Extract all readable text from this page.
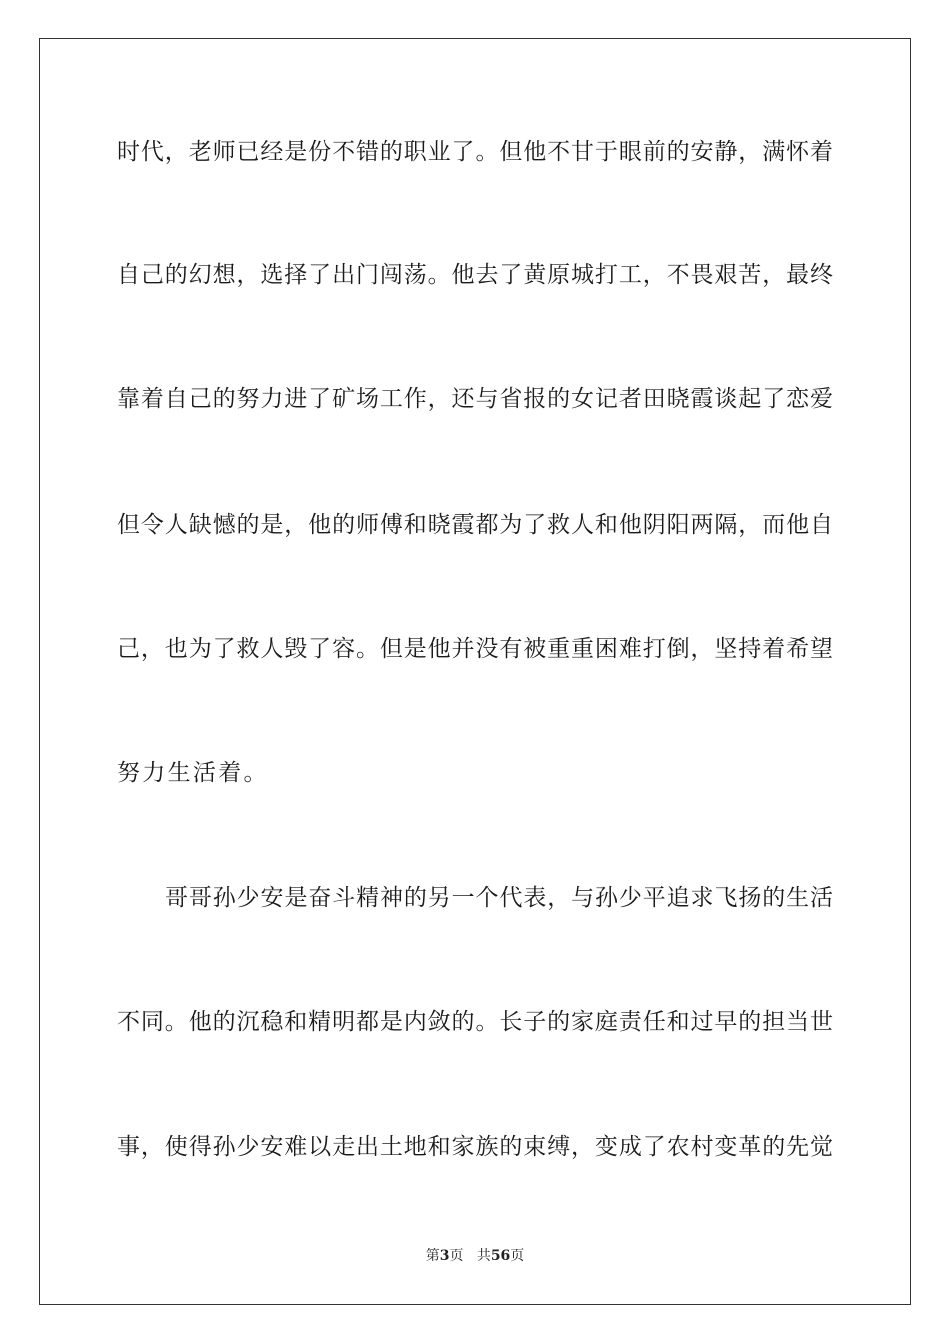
时代，老师已经是份不错的职业了。但他不甘于眼前的安静，满怀着
自己的幻想，选择了出门闯荡。他去了黄原城打工，不畏艰苦，最终
靠着自己的努力进了矿场工作，还与省报的女记者田晓霞谈起了恋爱
但令人缺憾的是，他的师傅和晓霞都为了救人和他阴阳两隔，而他自
己，也为了救人毁了容。但是他并没有被重重困难打倒，坚持着希望
努力生活着。
哥哥孙少安是奋斗精神的另一个代表，与孙少平追求飞扬的生活
不同。他的沉稳和精明都是内敛的。长子的家庭责任和过早的担当世
事，使得孙少安难以走出土地和家族的束缚，变成了农村变革的先觉
第3页 共56页
